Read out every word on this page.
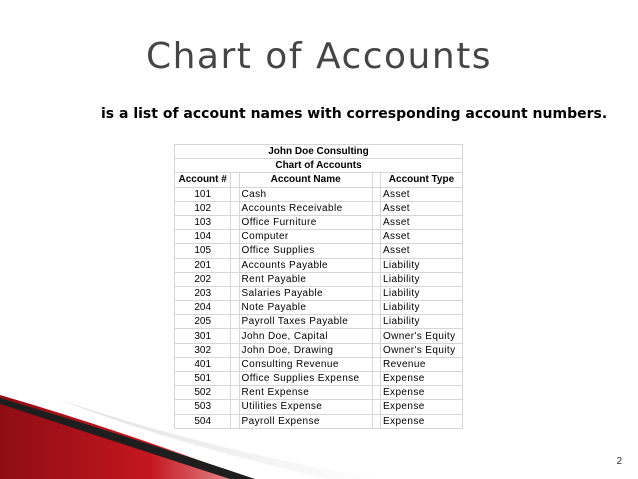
Chart of Accounts
is a list of account names with corresponding account numbers.
John Doe Consulting				
Chart of Accounts				
Account #		Account Name		Account Type
101		Cash		Asset
102		Accounts Receivable		Asset
103		Office Furniture		Asset
104		Computer		Asset
105		Office Supplies		Asset
201		Accounts Payable		Liability
202		Rent Payable		Liability
203		Salaries Payable		Liability
204		Note Payable		Liability
205		Payroll Taxes Payable		Liability
301		John Doe, Capital		Owner's Equity
302		John Doe, Drawing		Owner's Equity
401		Consulting Revenue		Revenue
501		Office Supplies Expense		Expense
502		Rent Expense		Expense
503		Utilities Expense		Expense
504		Payroll Expense		Expense
2
